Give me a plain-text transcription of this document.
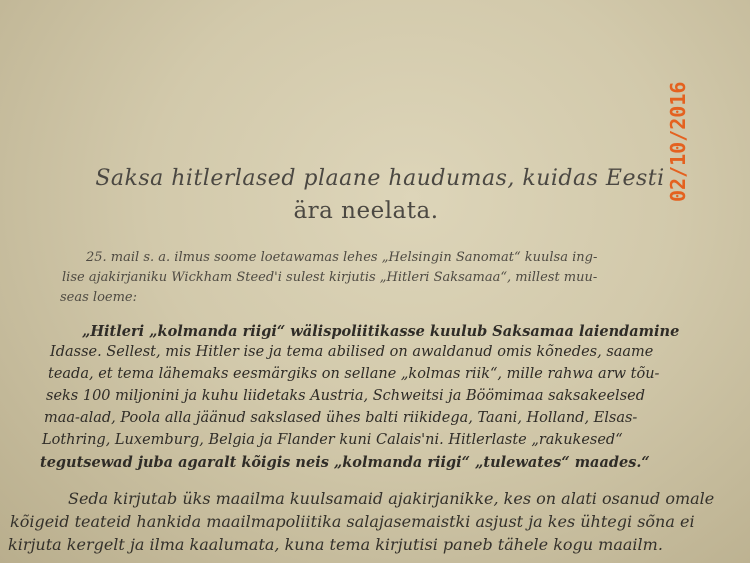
Saksa hitlerlased plaane haudumas, kuidas Eesti
ära neelata.
25. mail s. a. ilmus soome loetawamas lehes „Helsingin Sanomat“ kuulsa ing-
lise ajakirjaniku Wickham Steed'i sulest kirjutis „Hitleri Saksamaa“, millest muu-
seas loeme:
„Hitleri „kolmanda riigi“ wälispoliitikasse kuulub Saksamaa laiendamine
Idasse. Sellest, mis Hitler ise ja tema abilised on awaldanud omis kõnedes, saame
teada, et tema lähemaks eesmärgiks on sellane „kolmas riik“, mille rahwa arw tõu-
seks 100 miljonini ja kuhu liidetaks Austria, Schweitsi ja Böömimaa saksakeelsed
maa-alad, Poola alla jäänud sakslased ühes balti riikidega, Taani, Holland, Elsas-
Lothring, Luxemburg, Belgia ja Flander kuni Calais'ni. Hitlerlaste „rakukesed“
tegutsewad juba agaralt kõigis neis „kolmanda riigi“ „tulewates“ maades.“
Seda kirjutab üks maailma kuulsamaid ajakirjanikke, kes on alati osanud omale
kõigeid teateid hankida maailmapoliitika salajasemaistki asjust ja kes ühtegi sõna ei
kirjuta kergelt ja ilma kaalumata, kuna tema kirjutisi paneb tähele kogu maailm.
02/10/2016
